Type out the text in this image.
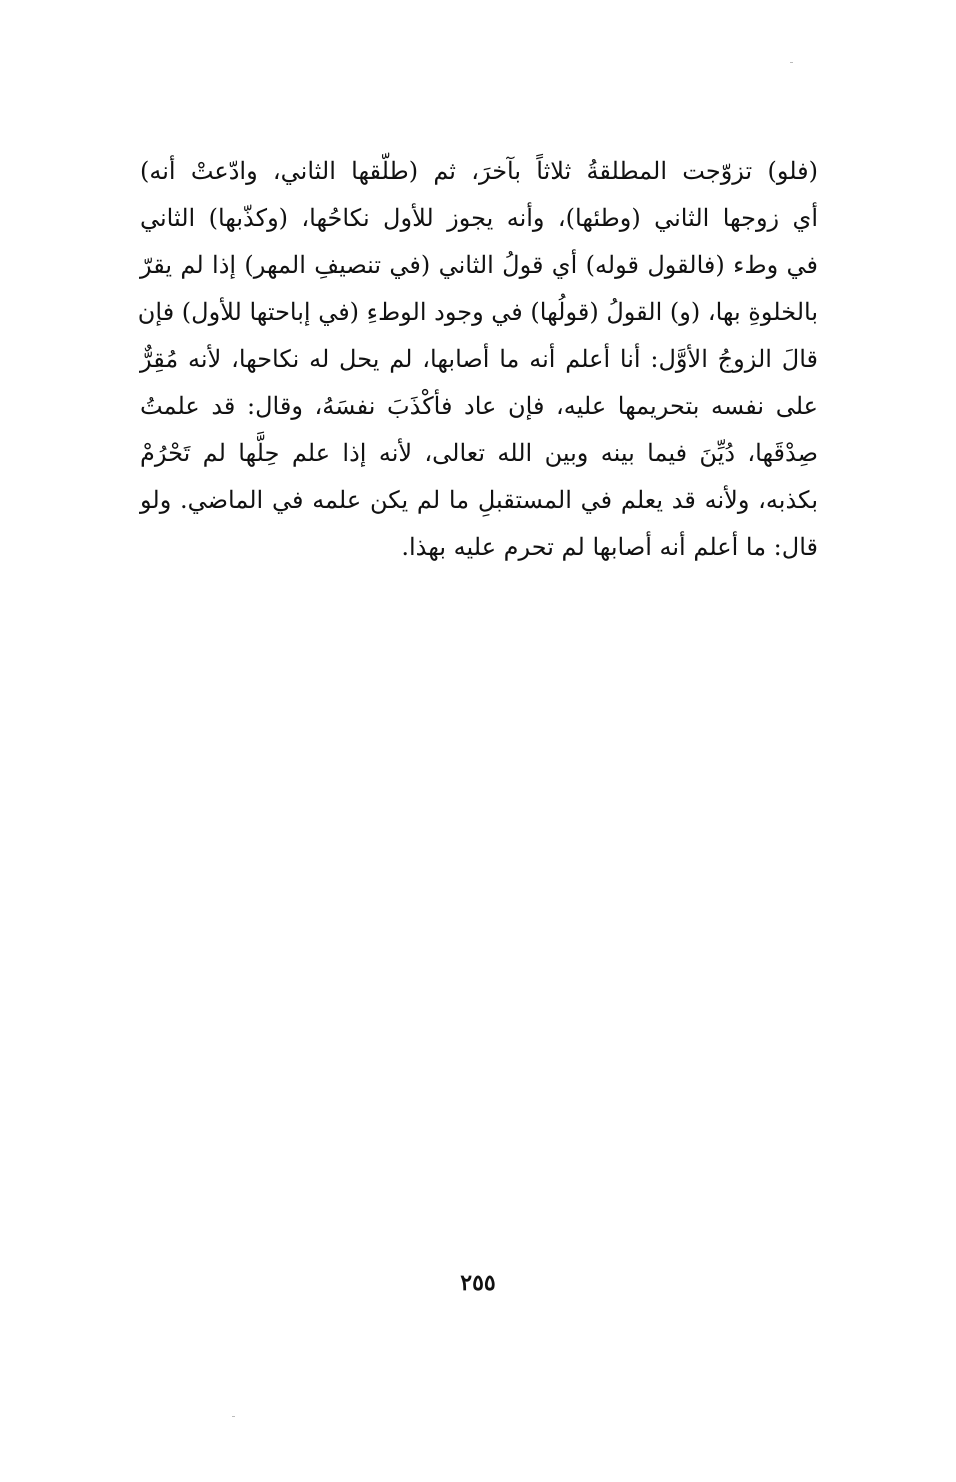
(فلو) تزوّجت المطلقةُ ثلاثاً بآخرَ، ثم (طلّقها الثاني، وادّعتْ أنه)
أي زوجها الثاني (وطئها)، وأنه يجوز للأول نكاحُها، (وكذّبها) الثاني
في وطء (فالقول قوله) أي قولُ الثاني (في تنصيفِ المهر) إذا لم يقرّ
بالخلوةِ بها، (و) القولُ (قولُها) في وجود الوطءِ (في إباحتها للأول) فإن
قالَ الزوجُ الأوَّل: أنا أعلم أنه ما أصابها، لم يحل له نكاحها، لأنه مُقِرٌّ
على نفسه بتحريمها عليه، فإن عاد فأكْذَبَ نفسَهُ، وقال: قد علمتُ
صِدْقَها، دُيِّنَ فيما بينه وبين الله تعالى، لأنه إذا علم حِلَّها لم تَحْرُمْ
بكذبه، ولأنه قد يعلم في المستقبلِ ما لم يكن علمه في الماضي. ولو
قال: ما أعلم أنه أصابها لم تحرم عليه بهذا.
٢٥٥
